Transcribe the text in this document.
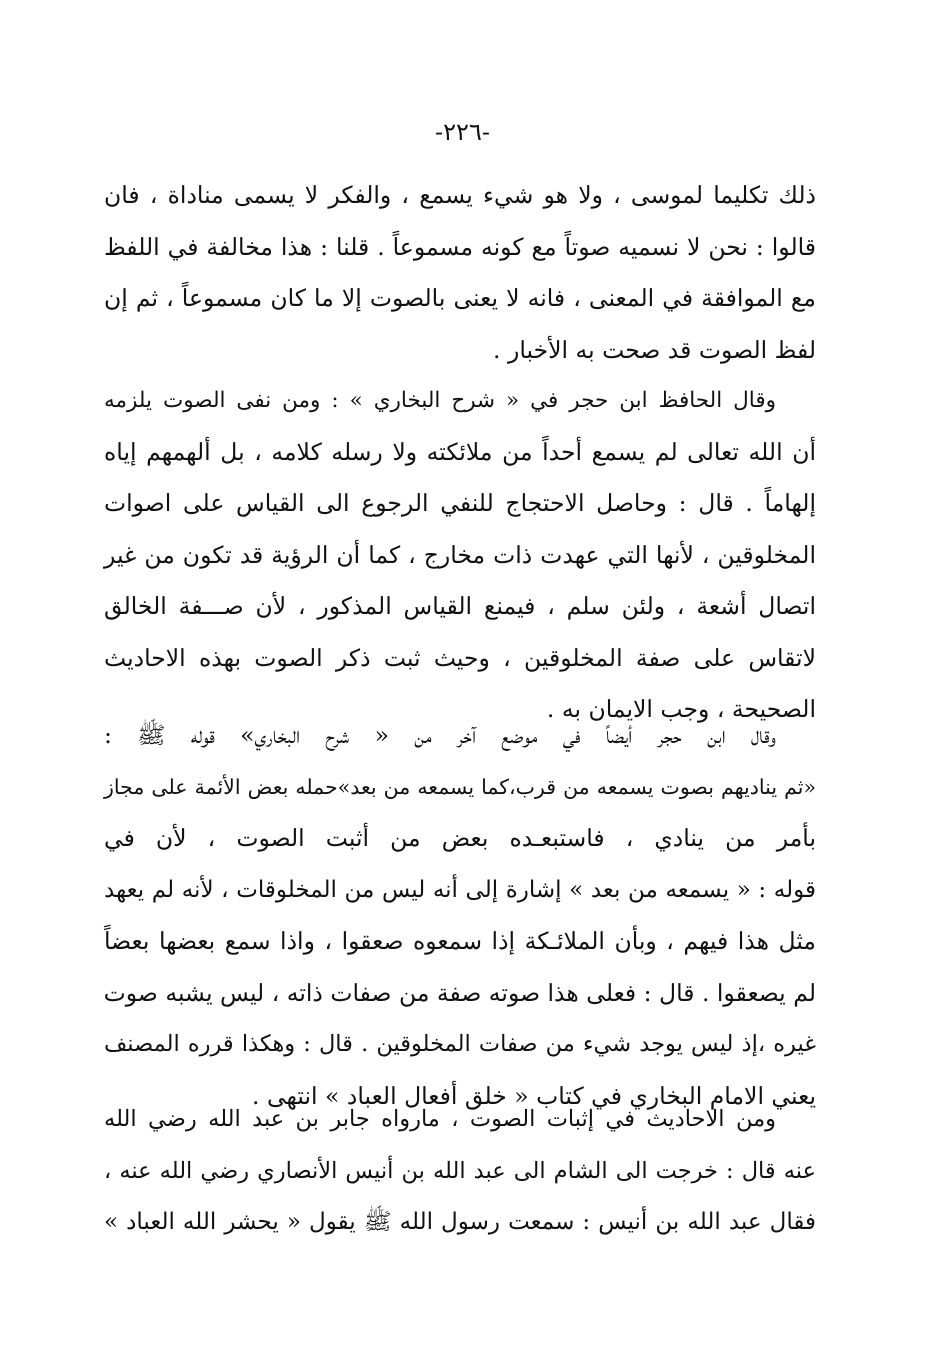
-٢٢٦-
ذلك تكليما لموسى ، ولا هو شيء يسمع ، والفكر لا يسمى مناداة ، فان
قالوا : نحن لا نسميه صوتاً مع كونه مسموعاً . قلنا : هذا مخالفة في اللفظ
مع الموافقة في المعنى ، فانه لا يعنى بالصوت إلا ما كان مسموعاً ، ثم إن
لفظ الصوت قد صحت به الأخبار .
وقال الحافظ ابن حجر في « شرح البخاري » : ومن نفى الصوت يلزمه
أن الله تعالى لم يسمع أحداً من ملائكته ولا رسله كلامه ، بل ألهمهم إياه
إلهاماً . قال : وحاصل الاحتجاج للنفي الرجوع الى القياس على اصوات
المخلوقين ، لأنها التي عهدت ذات مخارج ، كما أن الرؤية قد تكون من غير
اتصال أشعة ، ولئن سلم ، فيمنع القياس المذكور ، لأن صـــفة الخالق
لاتقاس على صفة المخلوقين ، وحيث ثبت ذكر الصوت بهذه الاحاديث
الصحيحة ، وجب الايمان به .
وقال ابن حجر أيضاً في موضع آخر من « شرح البخاري» قوله ﷺ :
«ثم يناديهم بصوت يسمعه من قرب،كما يسمعه من بعد»حمله بعض الأئمة على مجاز
بأمر من ينادي ، فاستبعـده بعض من أثبت الصوت ، لأن في
قوله : « يسمعه من بعد » إشارة إلى أنه ليس من المخلوقات ، لأنه لم يعهد
مثل هذا فيهم ، وبأن الملائـكة إذا سمعوه صعقوا ، واذا سمع بعضها بعضاً
لم يصعقوا . قال : فعلى هذا صوته صفة من صفات ذاته ، ليس يشبه صوت
غيره ،إذ ليس يوجد شيء من صفات المخلوقين . قال : وهكذا قرره المصنف
يعني الامام البخاري في كتاب « خلق أفعال العباد » انتهى .
ومن الاحاديث في إثبات الصوت ، مارواه جابر بن عبد الله رضي الله
عنه قال : خرجت الى الشام الى عبد الله بن أنيس الأنصاري رضي الله عنه ،
فقال عبد الله بن أنيس : سمعت رسول الله ﷺ يقول « يحشر الله العباد »
